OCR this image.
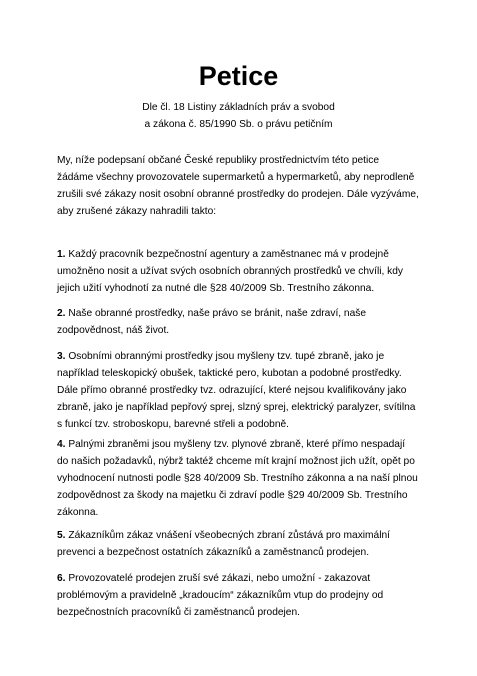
Petice

Dle čl. 18 Listiny základních práv a svobod

a zákona č. 85/1990 Sb. o právu petičním

My, níže podepsaní občané České republiky prostřednictvím této petice

žádáme všechny provozovatele supermarketů a hypermarketů, aby neprodleně

zrušili své zákazy nosit osobní obranné prostředky do prodejen. Dále vyzýváme,

aby zrušené zákazy nahradili takto:

1. Každý pracovník bezpečnostní agentury a zaměstnanec má v prodejně

umožněno nosit a užívat svých osobních obranných prostředků ve chvíli, kdy

jejich užití vyhodnotí za nutné dle §28 40/2009 Sb. Trestního zákonna.

2. Naše obranné prostředky, naše právo se bránit, naše zdraví, naše

zodpovědnost, náš život.

3. Osobními obrannými prostředky jsou myšleny tzv. tupé zbraně, jako je

například teleskopický obušek, taktické pero, kubotan a podobné prostředky.

Dále přímo obranné prostředky tvz. odrazující, které nejsou kvalifikovány jako

zbraně, jako je například pepřový sprej, slzný sprej, elektrický paralyzer, svítilna

s funkcí tzv. stroboskopu, barevné střeli a podobně.

4. Palnými zbraněmi jsou myšleny tzv. plynové zbraně, které přímo nespadají

do našich požadavků, nýbrž taktéž chceme mít krajní možnost jich užít, opět po

vyhodnocení nutnosti podle §28 40/2009 Sb. Trestního zákonna a na naší plnou

zodpovědnost za škody na majetku či zdraví podle §29 40/2009 Sb. Trestního

zákonna.

5. Zákazníkům zákaz vnášení všeobecných zbraní zůstává pro maximální

prevenci a bezpečnost ostatních zákazníků a zaměstnanců prodejen.

6. Provozovatelé prodejen zruší své zákazi, nebo umožní - zakazovat

problémovým a pravidelně „kradoucím“ zákazníkům vtup do prodejny od

bezpečnostních pracovníků či zaměstnanců prodejen.
